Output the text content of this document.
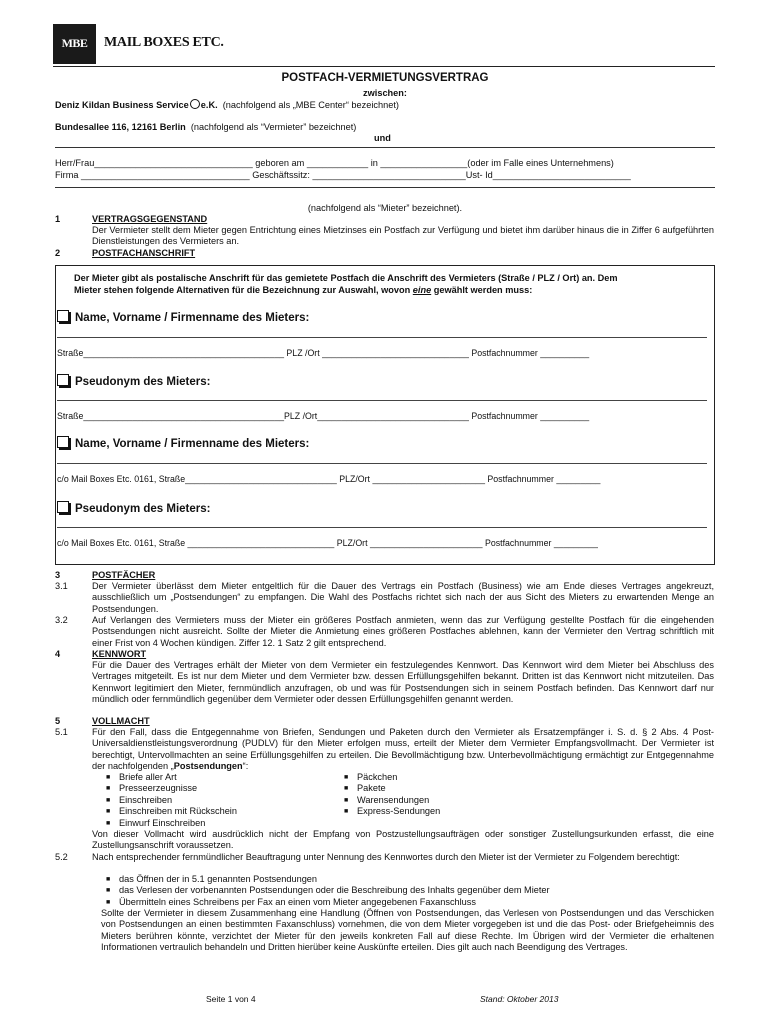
MBE MAIL BOXES ETC.
POSTFACH-VERMIETUNGSVERTRAG
zwischen:
Deniz Kildan Business Service e.K. (nachfolgend als „MBE Center“ bezeichnet)
Bundesallee 116, 12161 Berlin (nachfolgend als “Vermieter” bezeichnet)
und
Herr/Frau_______________________________ geboren am ____________ in _________________(oder im Falle eines Unternehmens)
Firma _________________________________ Geschäftssitz: ______________________________Ust- Id___________________________
(nachfolgend als “Mieter” bezeichnet).
1	VERTRAGSGEGENSTAND
Der Vermieter stellt dem Mieter gegen Entrichtung eines Mietzinses ein Postfach zur Verfügung und bietet ihm darüber hinaus die in Ziffer 6 aufgeführten Dienstleistungen des Vermieters an.
2	POSTFACHANSCHRIFT
Der Mieter gibt als postalische Anschrift für das gemietete Postfach die Anschrift des Vermieters (Straße / PLZ / Ort) an. Dem
Mieter stehen folgende Alternativen für die Bezeichnung zur Auswahl, wovon eine gewählt werden muss:
Name, Vorname / Firmenname des Mieters:
Straße_________________________________________ PLZ /Ort ______________________________ Postfachnummer __________
Pseudonym des Mieters:
Straße_________________________________________PLZ /Ort_______________________________ Postfachnummer __________
Name, Vorname / Firmenname des Mieters:
c/o Mail Boxes Etc. 0161, Straße_______________________________ PLZ/Ort _______________________ Postfachnummer _________
Pseudonym des Mieters:
c/o Mail Boxes Etc. 0161, Straße ______________________________ PLZ/Ort _______________________ Postfachnummer _________
3	POSTFÄCHER
3.1	Der Vermieter überlässt dem Mieter entgeltlich für die Dauer des Vertrags ein Postfach (Business) wie am Ende dieses Vertrages angekreuzt, ausschließlich um „Postsendungen“ zu empfangen. Die Wahl des Postfachs richtet sich nach der aus Sicht des Mieters zu erwartenden Menge an Postsendungen.
3.2	Auf Verlangen des Vermieters muss der Mieter ein größeres Postfach anmieten, wenn das zur Verfügung gestellte Postfach für die eingehenden Postsendungen nicht ausreicht. Sollte der Mieter die Anmietung eines größeren Postfaches ablehnen, kann der Vermieter den Vertrag schriftlich mit einer Frist von 4 Wochen kündigen. Ziffer 12. 1 Satz 2 gilt entsprechend.
4	KENNWORT
Für die Dauer des Vertrages erhält der Mieter von dem Vermieter ein festzulegendes Kennwort. Das Kennwort wird dem Mieter bei Abschluss des Vertrages mitgeteilt. Es ist nur dem Mieter und dem Vermieter bzw. dessen Erfüllungsgehilfen bekannt. Dritten ist das Kennwort nicht mitzuteilen. Das Kennwort legitimiert den Mieter, fernmündlich anzufragen, ob und was für Postsendungen sich in seinem Postfach befinden. Das Kennwort darf nur mündlich oder fernmündlich gegenüber dem Vermieter oder dessen Erfüllungsgehilfen genannt werden.
5	VOLLMACHT
5.1	Für den Fall, dass die Entgegennahme von Briefen, Sendungen und Paketen durch den Vermieter als Ersatzempfänger i. S. d. § 2 Abs. 4 Post-Universaldienstleistungsverordnung (PUDLV) für den Mieter erfolgen muss, erteilt der Mieter dem Vermieter Empfangsvollmacht. Der Vermieter ist berechtigt, Untervollmachten an seine Erfüllungsgehilfen zu erteilen. Die Bevollmächtigung bzw. Unterbevollmächtigung ermächtigt zur Entgegennahme der nachfolgenden „Postsendungen“:
■ Briefe aller Art
■ Presseerzeugnisse
■ Einschreiben
■ Einschreiben mit Rückschein
■ Einwurf Einschreiben
■ Päckchen
■ Pakete
■ Warensendungen
■ Express-Sendungen
Von dieser Vollmacht wird ausdrücklich nicht der Empfang von Postzustellungsaufträgen oder sonstiger Zustellungsurkunden erfasst, die eine Zustellungsanschrift voraussetzen.
5.2	Nach entsprechender fernmündlicher Beauftragung unter Nennung des Kennwortes durch den Mieter ist der Vermieter zu Folgendem berechtigt:
■ das Öffnen der in 5.1 genannten Postsendungen
■ das Verlesen der vorbenannten Postsendungen oder die Beschreibung des Inhalts gegenüber dem Mieter
■ Übermitteln eines Schreibens per Fax an einen vom Mieter angegebenen Faxanschluss
Sollte der Vermieter in diesem Zusammenhang eine Handlung (Öffnen von Postsendungen, das Verlesen von Postsendungen und das Verschicken von Postsendungen an einen bestimmten Faxanschluss) vornehmen, die von dem Mieter vorgegeben ist und die das Post- oder Briefgeheimnis des Mieters berühren könnte, verzichtet der Mieter für den jeweils konkreten Fall auf diese Rechte. Im Übrigen wird der Vermieter die erhaltenen Informationen vertraulich behandeln und Dritten hierüber keine Auskünfte erteilen. Dies gilt auch nach Beendigung des Vertrages.
Seite 1 von 4	Stand: Oktober 2013
